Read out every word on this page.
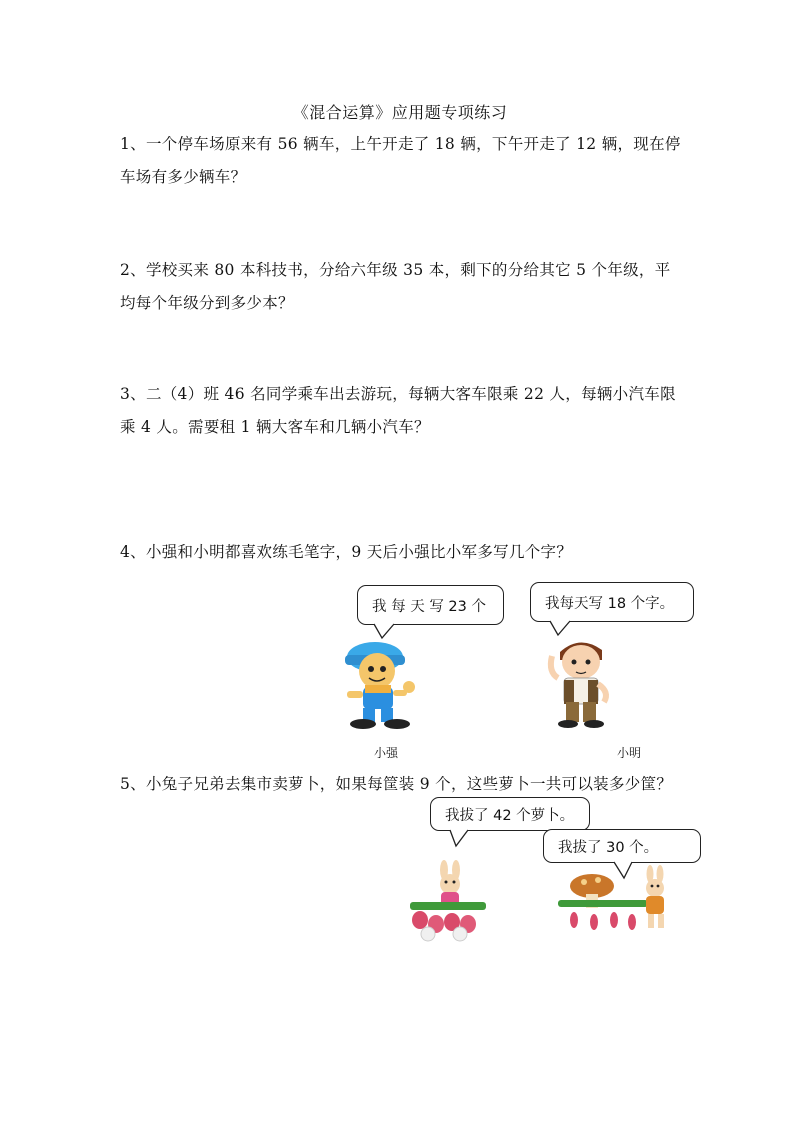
《混合运算》应用题专项练习
1、一个停车场原来有 56 辆车，上午开走了 18 辆，下午开走了 12 辆，现在停车场有多少辆车？
2、学校买来 80 本科技书，分给六年级 35 本，剩下的分给其它 5 个年级，平均每个年级分到多少本？
3、二（4）班 46 名同学乘车出去游玩，每辆大客车限乘 22 人，每辆小汽车限乘 4 人。需要租 1 辆大客车和几辆小汽车？
4、小强和小明都喜欢练毛笔字，9 天后小强比小军多写几个字？
我 每 天 写 23 个	我每天写 18 个字。
小强	小明
5、小兔子兄弟去集市卖萝卜，如果每筐装 9 个，这些萝卜一共可以装多少筐？
我拔了 42 个萝卜。
我拔了 30 个。
